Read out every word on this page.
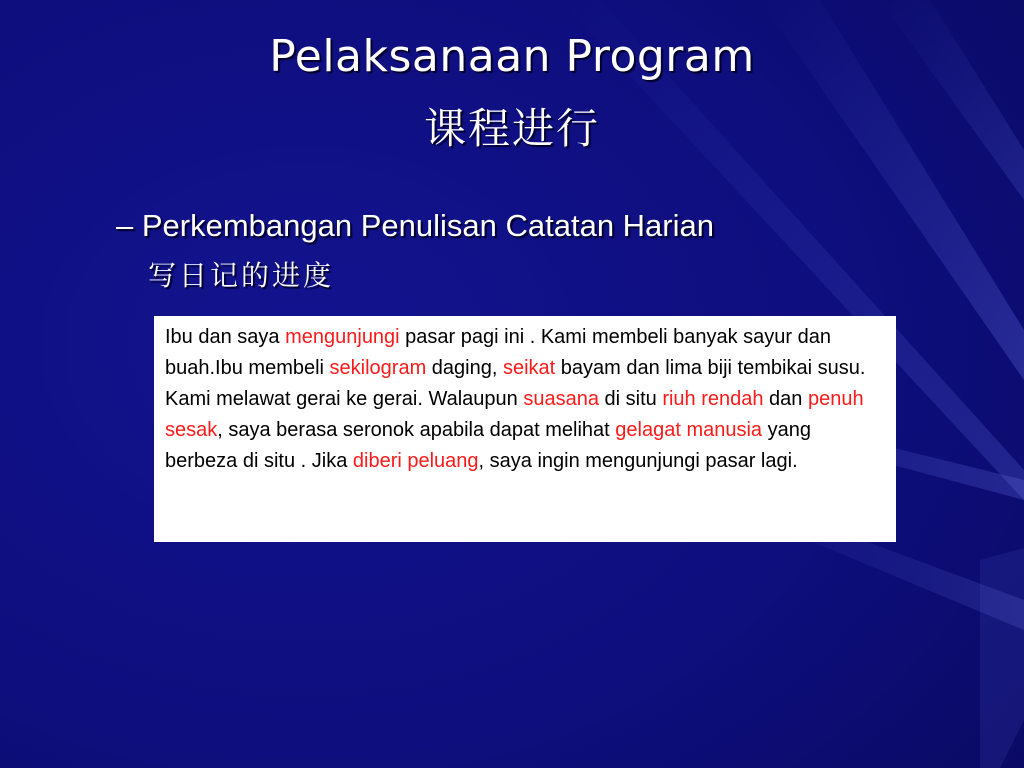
Pelaksanaan Program
课程进行
– Perkembangan Penulisan Catatan Harian
写日记的进度
Ibu dan saya mengunjungi pasar pagi ini . Kami membeli banyak sayur dan buah.Ibu membeli sekilogram daging, seikat bayam dan lima biji tembikai susu. Kami melawat gerai ke gerai. Walaupun suasana di situ riuh rendah dan penuh sesak, saya berasa seronok apabila dapat melihat gelagat manusia yang berbeza di situ . Jika diberi peluang, saya ingin mengunjungi pasar lagi.
